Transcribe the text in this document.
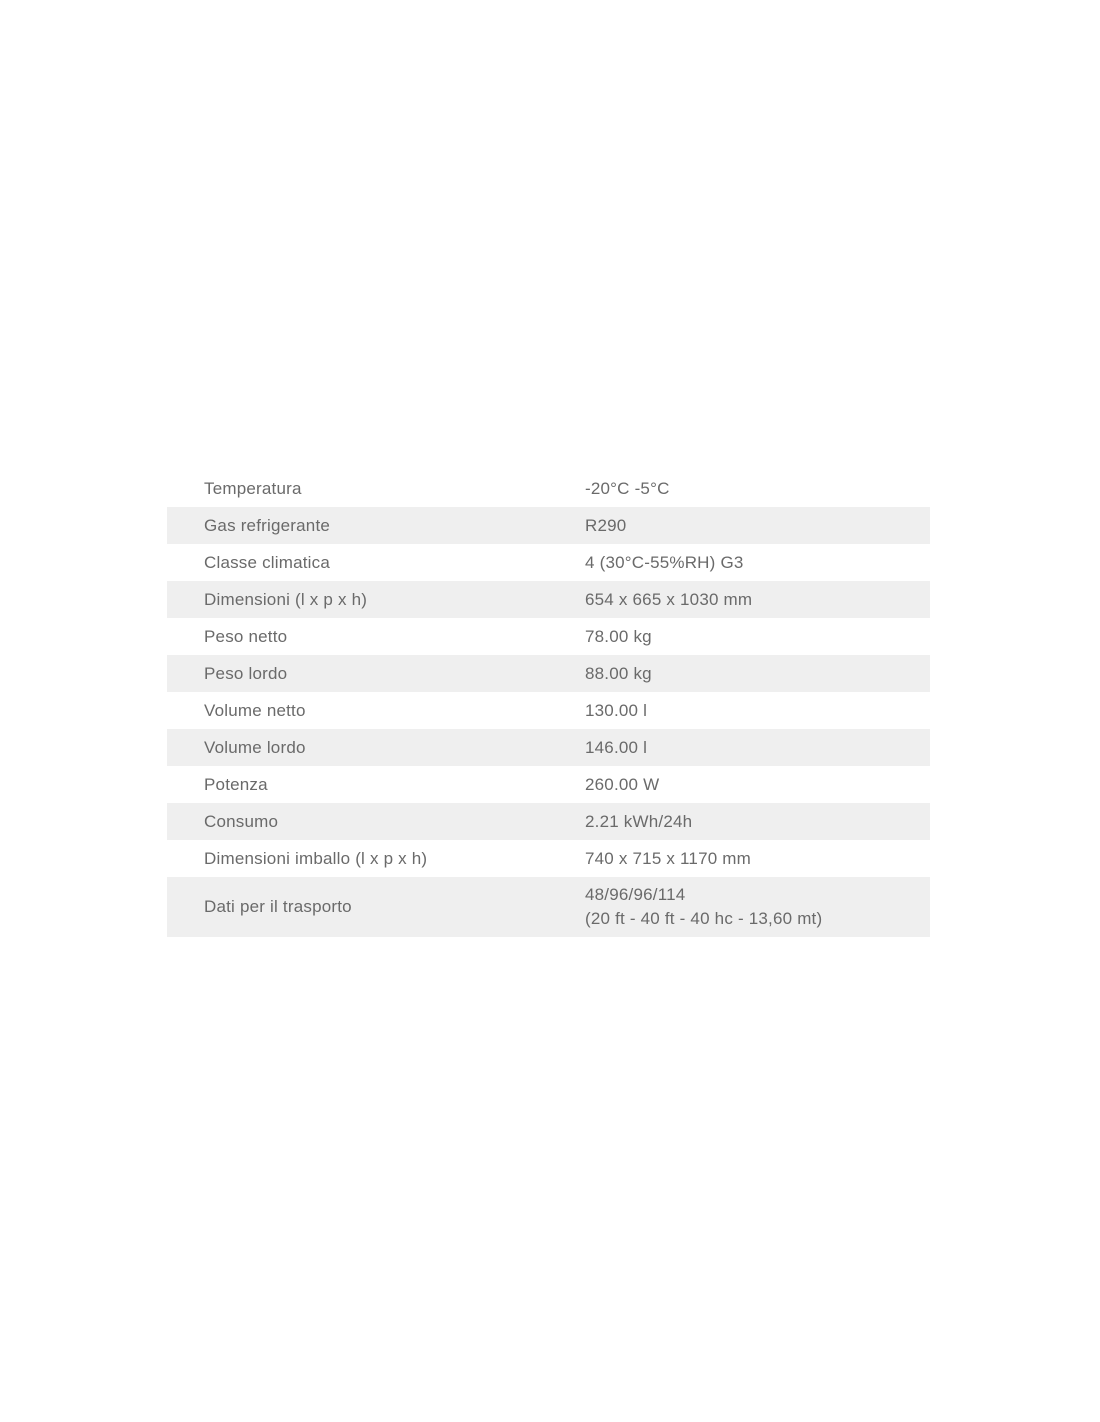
Temperatura	-20°C -5°C
Gas refrigerante	R290
Classe climatica	4 (30°C-55%RH) G3
Dimensioni (l x p x h)	654 x 665 x 1030 mm
Peso netto	78.00 kg
Peso lordo	88.00 kg
Volume netto	130.00 l
Volume lordo	146.00 l
Potenza	260.00 W
Consumo	2.21 kWh/24h
Dimensioni imballo (l x p x h)	740 x 715 x 1170 mm
Dati per il trasporto	48/96/96/114
(20 ft - 40 ft - 40 hc - 13,60 mt)
